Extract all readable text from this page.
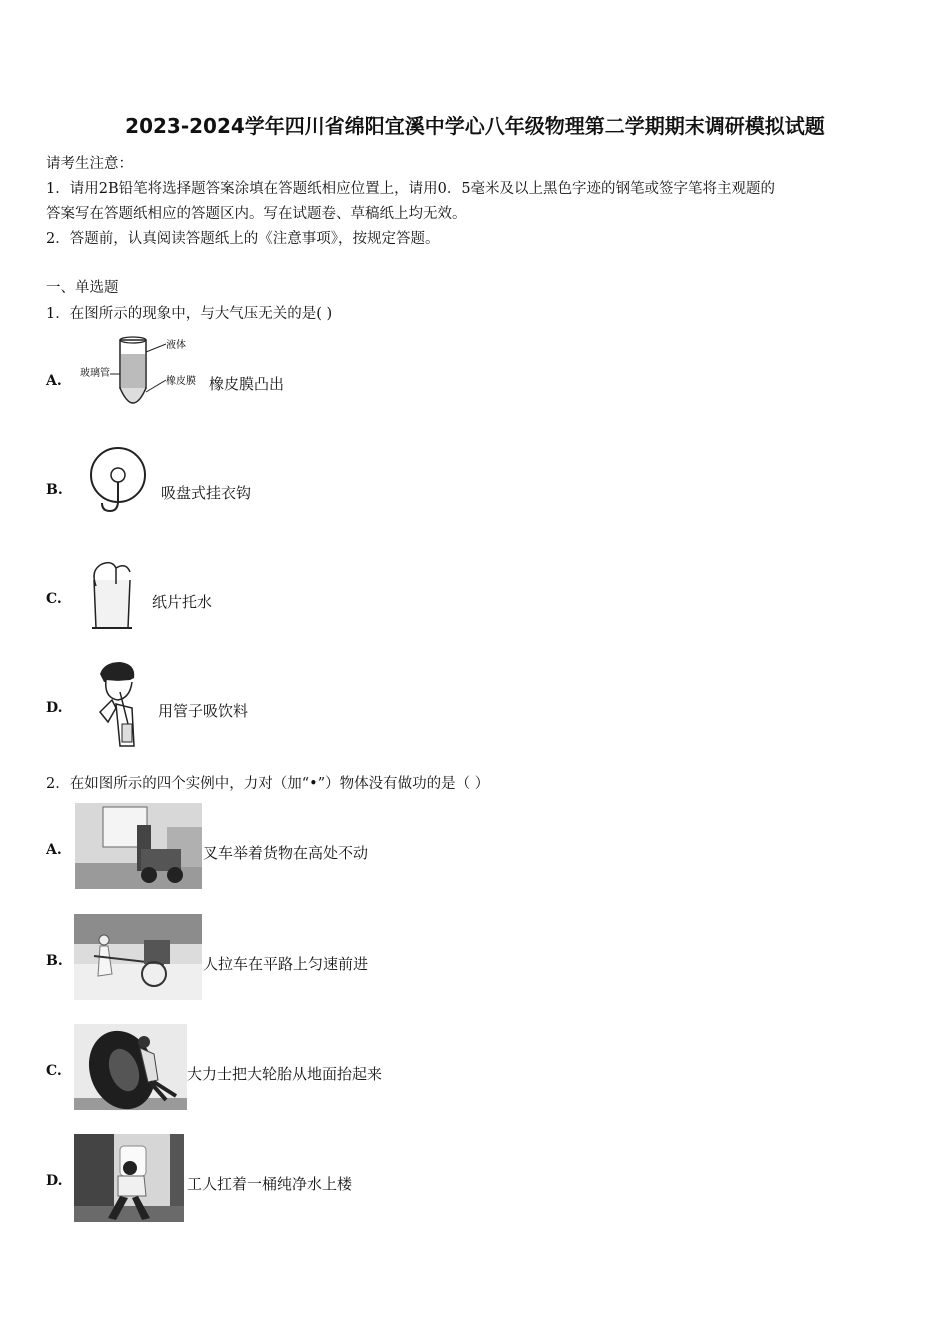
2023-2024学年四川省绵阳宜溪中学心八年级物理第二学期期末调研模拟试题
请考生注意：
1．请用2B铅笔将选择题答案涂填在答题纸相应位置上，请用0．5毫米及以上黑色字迹的钢笔或签字笔将主观题的
答案写在答题纸相应的答题区内。写在试题卷、草稿纸上均无效。
2．答题前，认真阅读答题纸上的《注意事项》，按规定答题。
一、单选题
1．在图所示的现象中，与大气压无关的是( )
A.
液体
玻璃管
橡皮膜 橡皮膜凸出
B.	吸盘式挂衣钩
C.	纸片托水
D.	用管子吸饮料
2．在如图所示的四个实例中，力对（加“•”）物体没有做功的是（ ）
A.	叉车举着货物在高处不动
B.	人拉车在平路上匀速前进
C.	大力士把大轮胎从地面抬起来
D.	工人扛着一桶纯净水上楼
